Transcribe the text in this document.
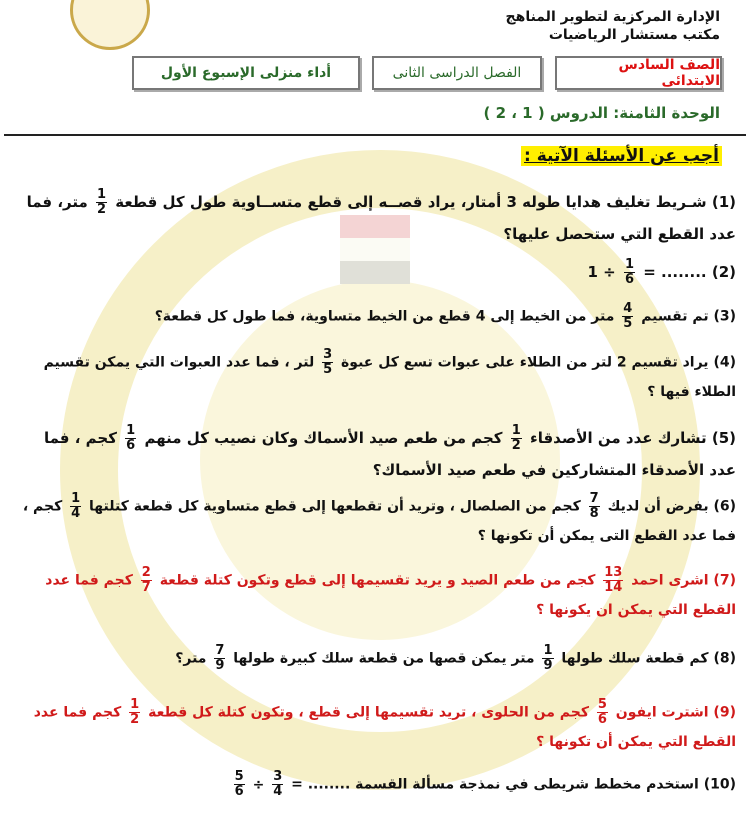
الإدارة المركزية لتطوير المناهج
مكتب مستشار الرياضيات
الصف السادس الابتدائى
الفصل الدراسى الثانى
أداء منزلى الإسبوع الأول
الوحدة الثامنة: الدروس ( 1 ، 2 )
أجب عن الأسئلة الآتية :
(1) شـريط تغليف هدايا طوله 3 أمتار، يراد قصــه إلى قطع متســاوية طول كل قطعة
$\frac{1}{2}$
متر، فما عدد القطع التي ستحصل عليها؟
(2) $1 \div \frac{1}{6}$ = ........
(3) تم تقسيم
$\frac{4}{5}$
متر من الخيط إلى 4 قطع من الخيط متساوية، فما طول كل قطعة؟
(4) يراد تقسيم 2 لتر من الطلاء على عبوات تسع كل عبوة
$\frac{3}{5}$
لتر ، فما عدد العبوات التي يمكن تقسيم الطلاء فيها ؟
(5) تشارك عدد من الأصدقاء
$\frac{1}{2}$
كجم من طعم صيد الأسماك وكان نصيب كل منهم
$\frac{1}{6}$
كجم ، فما عدد الأصدقاء المتشاركين في طعم صيد الأسماك؟
(6) بفرض أن لديك
$\frac{7}{8}$
كجم من الصلصال ، وتريد أن تقطعها إلى قطع متساوية كل قطعة كتلتها
$\frac{1}{4}$
كجم ، فما عدد القطع التى يمكن أن تكونها ؟
(7) اشرى احمد
$\frac{13}{14}$
كجم من طعم الصيد و يريد تقسيمها إلى قطع وتكون كتلة قطعة
$\frac{2}{7}$
كجم فما عدد القطع التي يمكن ان يكونها ؟
(8) كم قطعة سلك طولها
$\frac{1}{9}$
متر يمكن قصها من قطعة سلك كبيرة طولها
$\frac{7}{9}$
متر؟
(9) اشترت ايفون
$\frac{5}{6}$
كجم من الحلوى ، تريد تقسيمها إلى قطع ، وتكون كتلة كل قطعة
$\frac{1}{2}$
كجم فما عدد القطع التي يمكن أن تكونها ؟
(10) استخدم مخطط شريطى في نمذجة مسألة القسمة ........ =
$\frac{5}{6} \div \frac{3}{4}$
